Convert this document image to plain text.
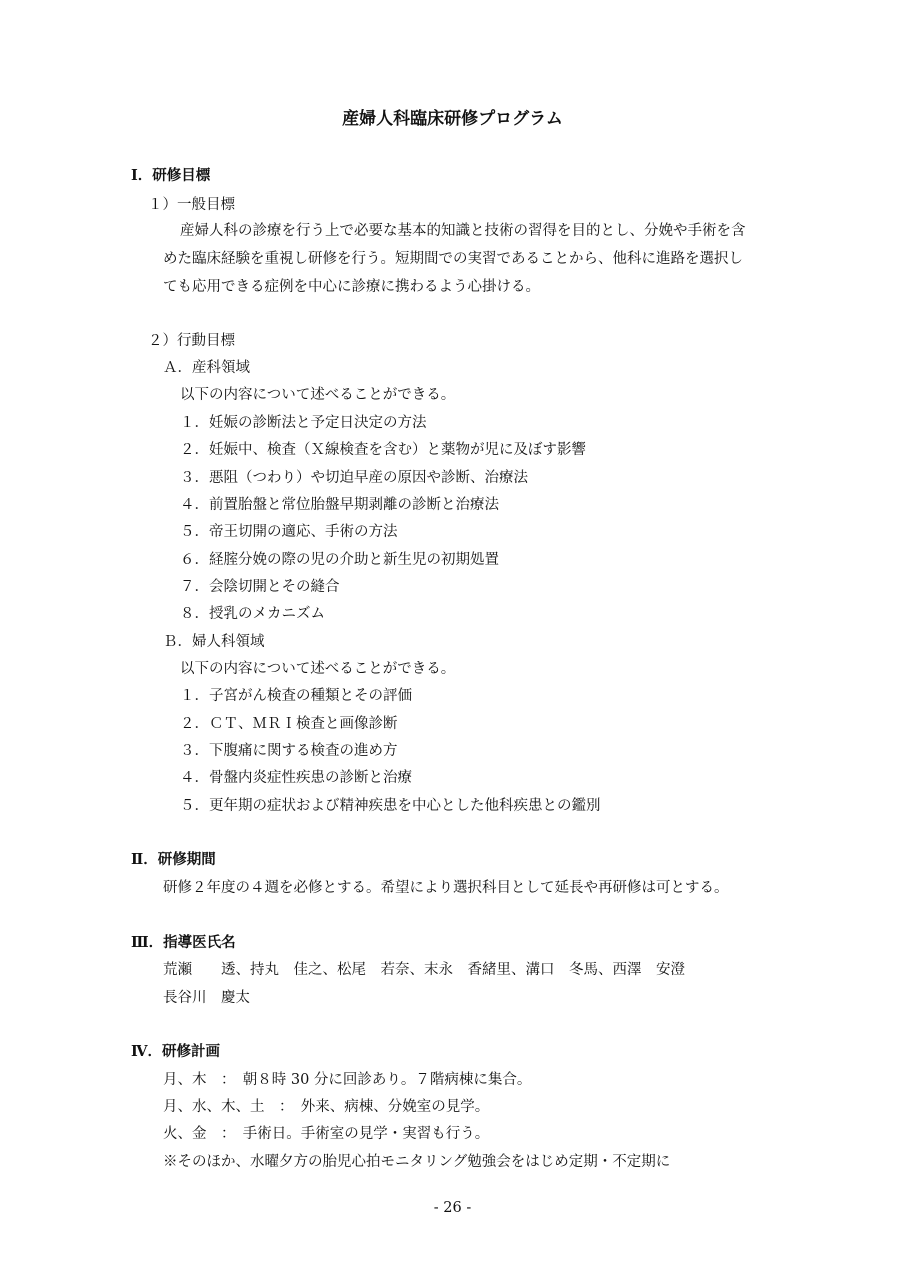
産婦人科臨床研修プログラム
Ⅰ．研修目標
１）一般目標
産婦人科の診療を行う上で必要な基本的知識と技術の習得を目的とし、分娩や手術を含
めた臨床経験を重視し研修を行う。短期間での実習であることから、他科に進路を選択し
ても応用できる症例を中心に診療に携わるよう心掛ける。
２）行動目標
Ａ．産科領域
以下の内容について述べることができる。
１．妊娠の診断法と予定日決定の方法
２．妊娠中、検査（Ｘ線検査を含む）と薬物が児に及ぼす影響
３．悪阻（つわり）や切迫早産の原因や診断、治療法
４．前置胎盤と常位胎盤早期剥離の診断と治療法
５．帝王切開の適応、手術の方法
６．経腟分娩の際の児の介助と新生児の初期処置
７．会陰切開とその縫合
８．授乳のメカニズム
Ｂ．婦人科領域
以下の内容について述べることができる。
１．子宮がん検査の種類とその評価
２．ＣＴ、ＭＲＩ検査と画像診断
３．下腹痛に関する検査の進め方
４．骨盤内炎症性疾患の診断と治療
５．更年期の症状および精神疾患を中心とした他科疾患との鑑別
Ⅱ．研修期間
研修２年度の４週を必修とする。希望により選択科目として延長や再研修は可とする。
Ⅲ．指導医氏名
荒瀬　　透、持丸　佳之、松尾　若奈、末永　香緒里、溝口　冬馬、西澤　安澄
長谷川　慶太
Ⅳ．研修計画
月、木　：　朝８時 30 分に回診あり。７階病棟に集合。
月、水、木、土　：　外来、病棟、分娩室の見学。
火、金　：　手術日。手術室の見学・実習も行う。
※そのほか、水曜夕方の胎児心拍モニタリング勉強会をはじめ定期・不定期に
- 26 -
